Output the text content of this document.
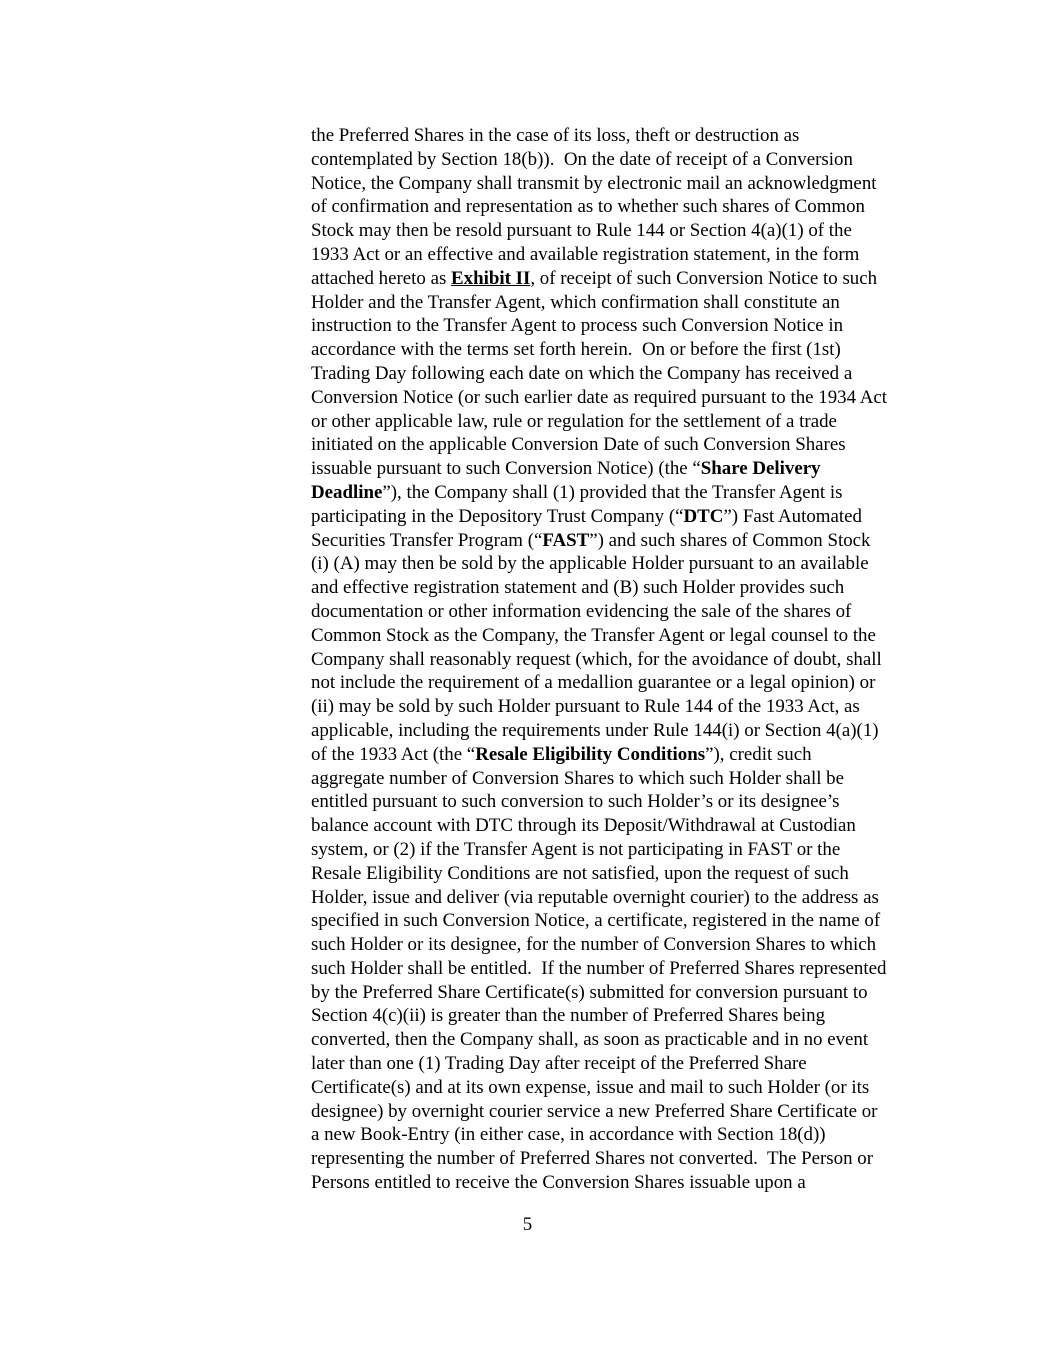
the Preferred Shares in the case of its loss, theft or destruction as
contemplated by Section 18(b)).  On the date of receipt of a Conversion
Notice, the Company shall transmit by electronic mail an acknowledgment
of confirmation and representation as to whether such shares of Common
Stock may then be resold pursuant to Rule 144 or Section 4(a)(1) of the
1933 Act or an effective and available registration statement, in the form
attached hereto as Exhibit II, of receipt of such Conversion Notice to such
Holder and the Transfer Agent, which confirmation shall constitute an
instruction to the Transfer Agent to process such Conversion Notice in
accordance with the terms set forth herein.  On or before the first (1st)
Trading Day following each date on which the Company has received a
Conversion Notice (or such earlier date as required pursuant to the 1934 Act
or other applicable law, rule or regulation for the settlement of a trade
initiated on the applicable Conversion Date of such Conversion Shares
issuable pursuant to such Conversion Notice) (the “Share Delivery
Deadline”), the Company shall (1) provided that the Transfer Agent is
participating in the Depository Trust Company (“DTC”) Fast Automated
Securities Transfer Program (“FAST”) and such shares of Common Stock
(i) (A) may then be sold by the applicable Holder pursuant to an available
and effective registration statement and (B) such Holder provides such
documentation or other information evidencing the sale of the shares of
Common Stock as the Company, the Transfer Agent or legal counsel to the
Company shall reasonably request (which, for the avoidance of doubt, shall
not include the requirement of a medallion guarantee or a legal opinion) or
(ii) may be sold by such Holder pursuant to Rule 144 of the 1933 Act, as
applicable, including the requirements under Rule 144(i) or Section 4(a)(1)
of the 1933 Act (the “Resale Eligibility Conditions”), credit such
aggregate number of Conversion Shares to which such Holder shall be
entitled pursuant to such conversion to such Holder’s or its designee’s
balance account with DTC through its Deposit/Withdrawal at Custodian
system, or (2) if the Transfer Agent is not participating in FAST or the
Resale Eligibility Conditions are not satisfied, upon the request of such
Holder, issue and deliver (via reputable overnight courier) to the address as
specified in such Conversion Notice, a certificate, registered in the name of
such Holder or its designee, for the number of Conversion Shares to which
such Holder shall be entitled.  If the number of Preferred Shares represented
by the Preferred Share Certificate(s) submitted for conversion pursuant to
Section 4(c)(ii) is greater than the number of Preferred Shares being
converted, then the Company shall, as soon as practicable and in no event
later than one (1) Trading Day after receipt of the Preferred Share
Certificate(s) and at its own expense, issue and mail to such Holder (or its
designee) by overnight courier service a new Preferred Share Certificate or
a new Book-Entry (in either case, in accordance with Section 18(d))
representing the number of Preferred Shares not converted.  The Person or
Persons entitled to receive the Conversion Shares issuable upon a
5
